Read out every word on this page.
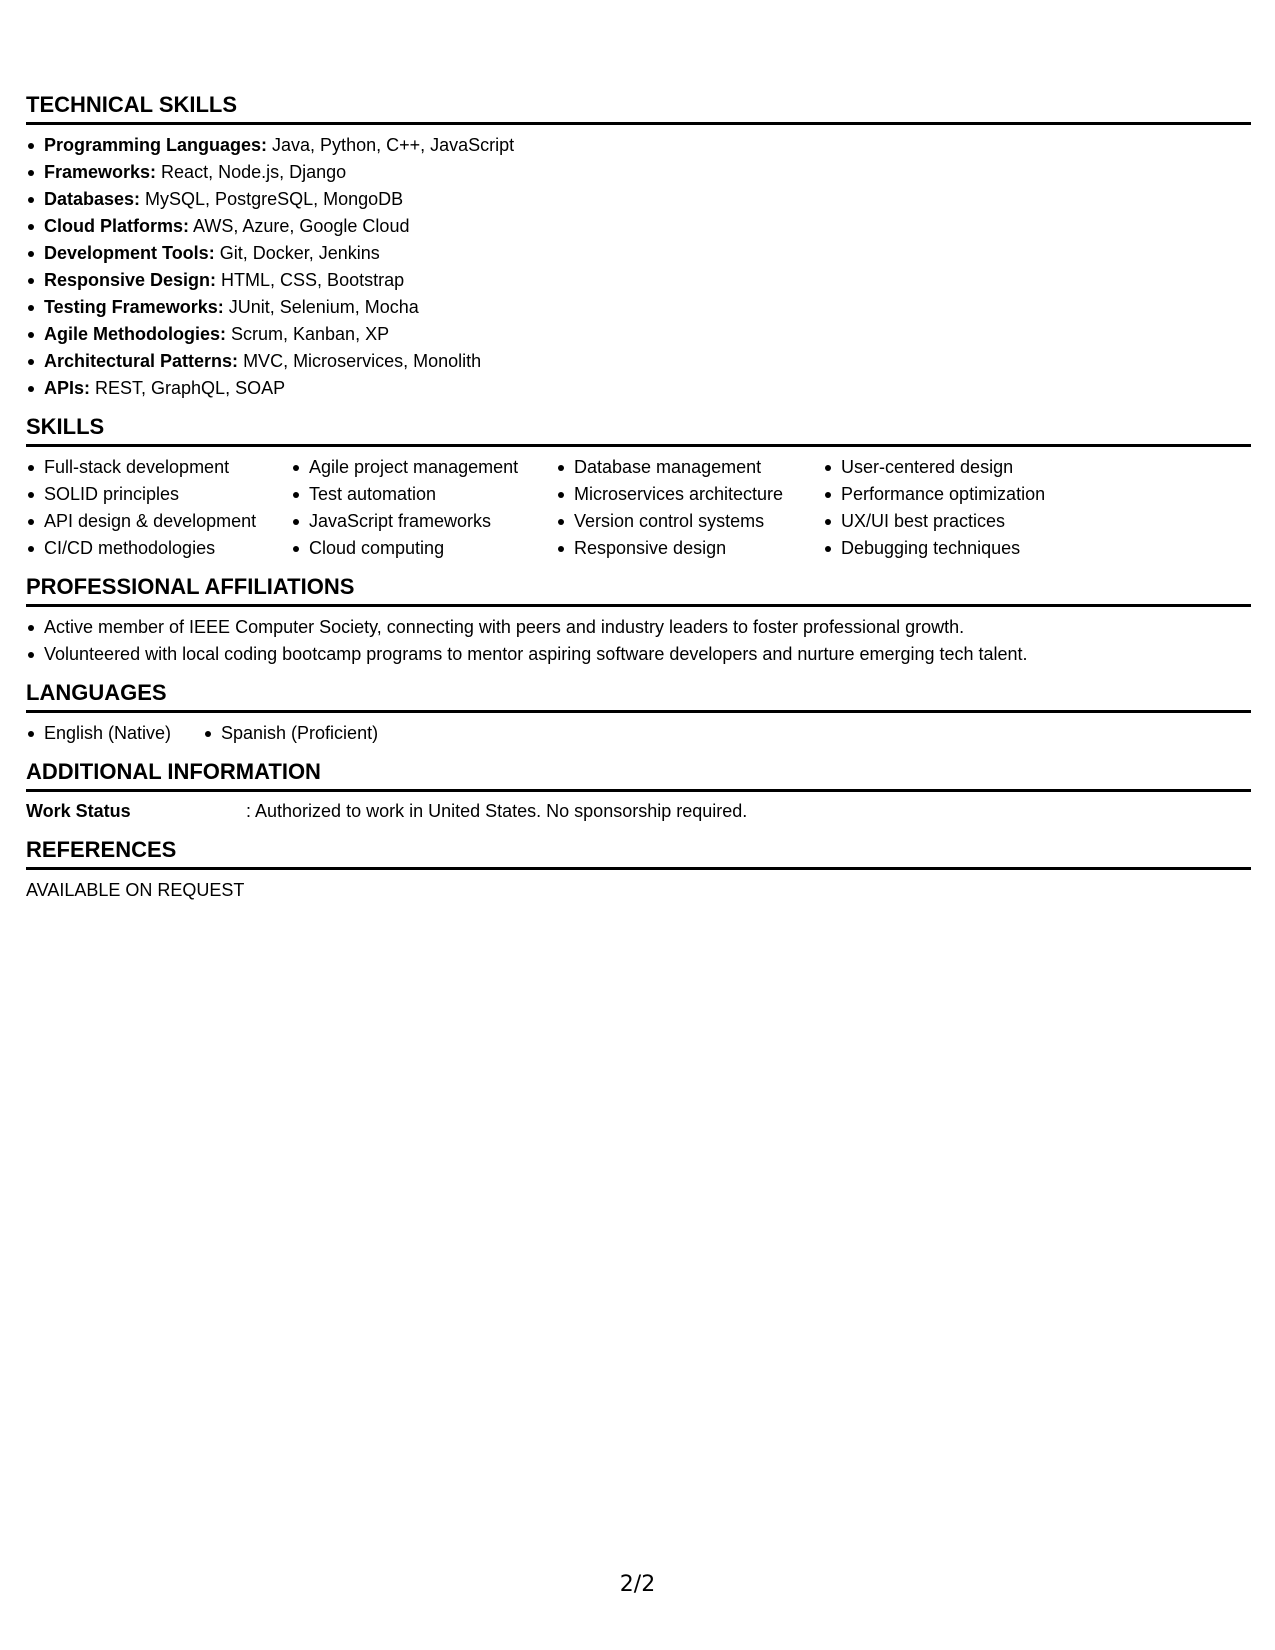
TECHNICAL SKILLS
Programming Languages: Java, Python, C++, JavaScript
Frameworks: React, Node.js, Django
Databases: MySQL, PostgreSQL, MongoDB
Cloud Platforms: AWS, Azure, Google Cloud
Development Tools: Git, Docker, Jenkins
Responsive Design: HTML, CSS, Bootstrap
Testing Frameworks: JUnit, Selenium, Mocha
Agile Methodologies: Scrum, Kanban, XP
Architectural Patterns: MVC, Microservices, Monolith
APIs: REST, GraphQL, SOAP
SKILLS
Full-stack development
SOLID principles
API design & development
CI/CD methodologies
Agile project management
Test automation
JavaScript frameworks
Cloud computing
Database management
Microservices architecture
Version control systems
Responsive design
User-centered design
Performance optimization
UX/UI best practices
Debugging techniques
PROFESSIONAL AFFILIATIONS
Active member of IEEE Computer Society, connecting with peers and industry leaders to foster professional growth.
Volunteered with local coding bootcamp programs to mentor aspiring software developers and nurture emerging tech talent.
LANGUAGES
English (Native)	Spanish (Proficient)
ADDITIONAL INFORMATION
Work Status	: Authorized to work in United States. No sponsorship required.
REFERENCES
AVAILABLE ON REQUEST
2/2
